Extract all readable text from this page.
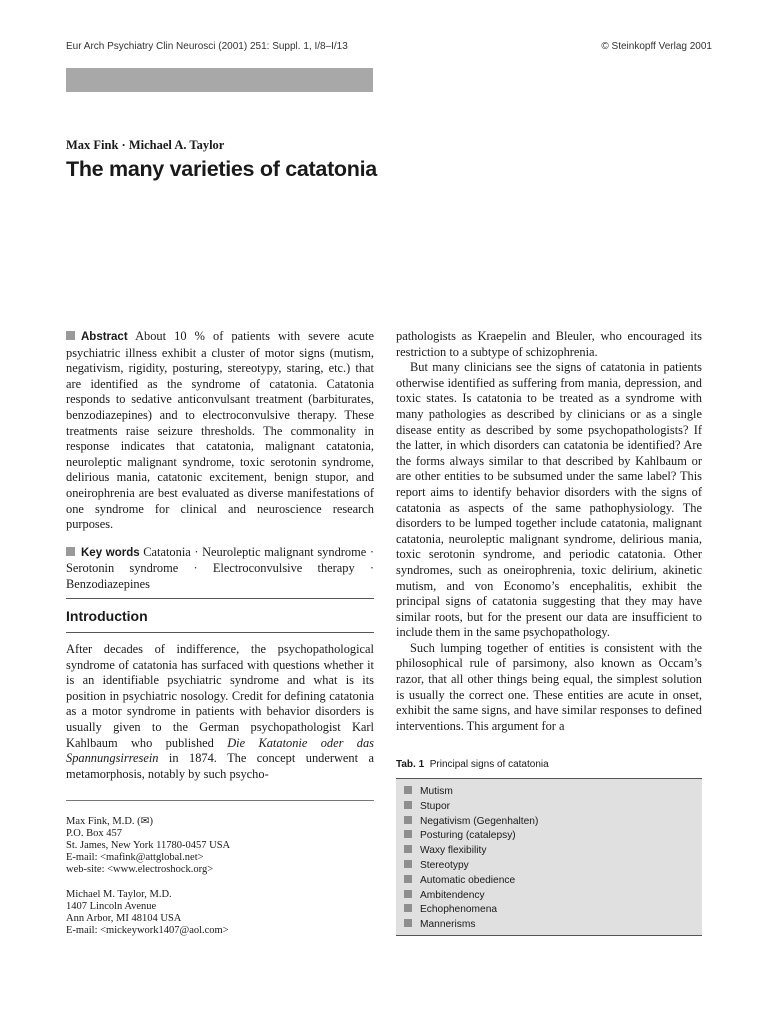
Eur Arch Psychiatry Clin Neurosci (2001) 251: Suppl. 1, I/8–I/13	© Steinkopff Verlag 2001
Max Fink · Michael A. Taylor
The many varieties of catatonia

Abstract About 10 % of patients with severe acute psychiatric illness exhibit a cluster of motor signs (mutism, negativism, rigidity, posturing, stereotypy, staring, etc.) that are identified as the syndrome of catatonia. Catatonia responds to sedative anticonvulsant treatment (barbiturates, benzodiazepines) and to electroconvulsive therapy. These treatments raise seizure thresholds. The commonality in response indicates that catatonia, malignant catatonia, neuroleptic malignant syndrome, toxic serotonin syndrome, delirious mania, catatonic excitement, benign stupor, and oneirophrenia are best evaluated as diverse manifestations of one syndrome for clinical and neuroscience research purposes.

Key words Catatonia · Neuroleptic malignant syndrome · Serotonin syndrome · Electroconvulsive therapy · Benzodiazepines

Introduction

After decades of indifference, the psychopathological syndrome of catatonia has surfaced with questions whether it is an identifiable psychiatric syndrome and what is its position in psychiatric nosology. Credit for defining catatonia as a motor syndrome in patients with behavior disorders is usually given to the German psychopathologist Karl Kahlbaum who published Die Katatonie oder das Spannungsirresein in 1874. The concept underwent a metamorphosis, notably by such psycho-

Max Fink, M.D. (✉)
P.O. Box 457
St. James, New York 11780-0457 USA
E-mail: <mafink@attglobal.net>
web-site: <www.electroshock.org>
Michael M. Taylor, M.D.
1407 Lincoln Avenue
Ann Arbor, MI 48104 USA
E-mail: <mickeywork1407@aol.com>

pathologists as Kraepelin and Bleuler, who encouraged its restriction to a subtype of schizophrenia.

But many clinicians see the signs of catatonia in patients otherwise identified as suffering from mania, depression, and toxic states. Is catatonia to be treated as a syndrome with many pathologies as described by clinicians or as a single disease entity as described by some psychopathologists? If the latter, in which disorders can catatonia be identified? Are the forms always similar to that described by Kahlbaum or are other entities to be subsumed under the same label? This report aims to identify behavior disorders with the signs of catatonia as aspects of the same pathophysiology. The disorders to be lumped together include catatonia, malignant catatonia, neuroleptic malignant syndrome, delirious mania, toxic serotonin syndrome, and periodic catatonia. Other syndromes, such as oneirophrenia, toxic delirium, akinetic mutism, and von Economo’s encephalitis, exhibit the principal signs of catatonia suggesting that they may have similar roots, but for the present our data are insufficient to include them in the same psychopathology.

Such lumping together of entities is consistent with the philosophical rule of parsimony, also known as Occam’s razor, that all other things being equal, the simplest solution is usually the correct one. These entities are acute in onset, exhibit the same signs, and have similar responses to defined interventions. This argument for a

Tab. 1 Principal signs of catatonia
Mutism
Stupor
Negativism (Gegenhalten)
Posturing (catalepsy)
Waxy flexibility
Stereotypy
Automatic obedience
Ambitendency
Echophenomena
Mannerisms
